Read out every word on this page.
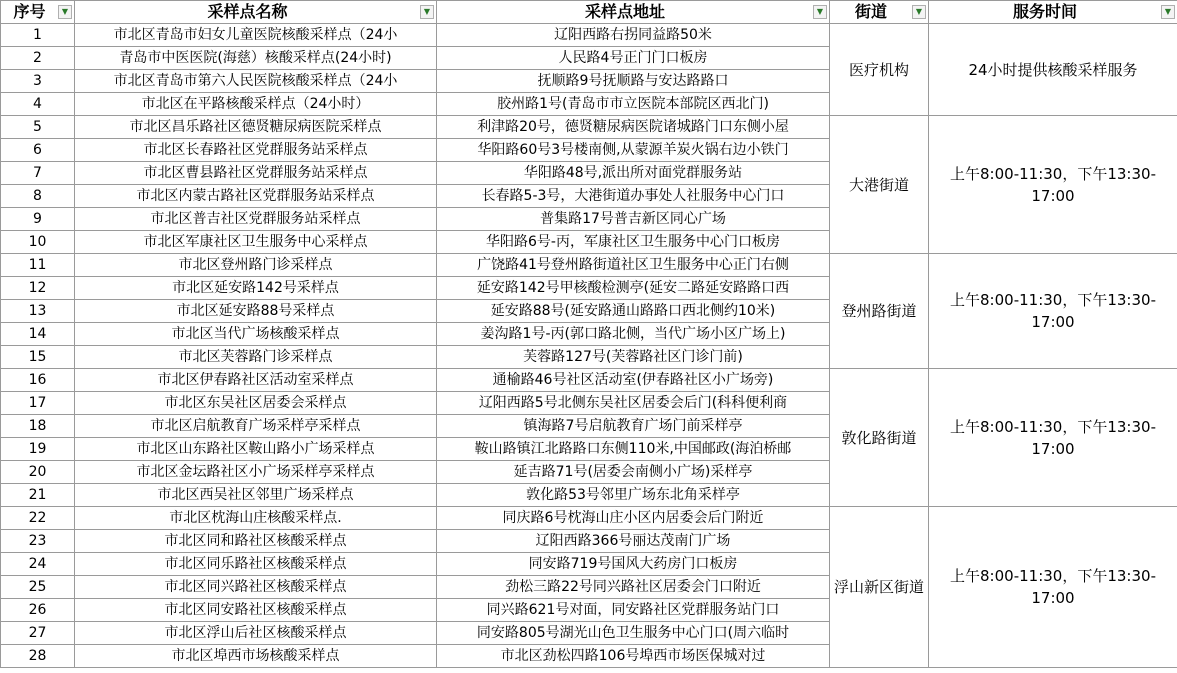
序号 ▼	采样点名称 ▼	采样点地址 ▼	街道 ▼	服务时间 ▼

1	市北区青岛市妇女儿童医院核酸采样点（24小	辽阳西路右拐同益路50米	医疗机构	24小时提供核酸采样服务
2	青岛市中医医院(海慈）核酸采样点(24小时)	人民路4号正门门口板房		
3	市北区青岛市第六人民医院核酸采样点（24小	抚顺路9号抚顺路与安达路路口		
4	市北区在平路核酸采样点（24小时）	胶州路1号(青岛市市立医院本部院区西北门)		
5	市北区昌乐路社区德贤糖尿病医院采样点	利津路20号，德贤糖尿病医院诸城路门口东侧小屋	大港街道	上午8:00-11:30，下午13:30-17:00
6	市北区长春路社区党群服务站采样点	华阳路60号3号楼南侧,从蒙源羊炭火锅右边小铁门		
7	市北区曹县路社区党群服务站采样点	华阳路48号,派出所对面党群服务站		
8	市北区内蒙古路社区党群服务站采样点	长春路5-3号，大港街道办事处人社服务中心门口		
9	市北区普吉社区党群服务站采样点	普集路17号普吉新区同心广场		
10	市北区军康社区卫生服务中心采样点	华阳路6号-丙，军康社区卫生服务中心门口板房		
11	市北区登州路门诊采样点	广饶路41号登州路街道社区卫生服务中心正门右侧	登州路街道	上午8:00-11:30，下午13:30-17:00
12	市北区延安路142号采样点	延安路142号甲核酸检测亭(延安二路延安路路口西		
13	市北区延安路88号采样点	延安路88号(延安路通山路路口西北侧约10米)		
14	市北区当代广场核酸采样点	姜沟路1号-丙(郭口路北侧，当代广场小区广场上)		
15	市北区芙蓉路门诊采样点	芙蓉路127号(芙蓉路社区门诊门前)		
16	市北区伊春路社区活动室采样点	通榆路46号社区活动室(伊春路社区小广场旁)	敦化路街道	上午8:00-11:30，下午13:30-17:00
17	市北区东吴社区居委会采样点	辽阳西路5号北侧东吴社区居委会后门(科科便利商		
18	市北区启航教育广场采样亭采样点	镇海路7号启航教育广场门前采样亭		
19	市北区山东路社区鞍山路小广场采样点	鞍山路镇江北路路口东侧110米,中国邮政(海泊桥邮		
20	市北区金坛路社区小广场采样亭采样点	延吉路71号(居委会南侧小广场)采样亭		
21	市北区西吴社区邻里广场采样点	敦化路53号邻里广场东北角采样亭		
22	市北区枕海山庄核酸采样点.	同庆路6号枕海山庄小区内居委会后门附近	浮山新区街道	上午8:00-11:30，下午13:30-17:00
23	市北区同和路社区核酸采样点	辽阳西路366号丽达茂南门广场		
24	市北区同乐路社区核酸采样点	同安路719号国风大药房门口板房		
25	市北区同兴路社区核酸采样点	劲松三路22号同兴路社区居委会门口附近		
26	市北区同安路社区核酸采样点	同兴路621号对面，同安路社区党群服务站门口		
27	市北区浮山后社区核酸采样点	同安路805号湖光山色卫生服务中心门口(周六临时		
28	市北区埠西市场核酸采样点	市北区劲松四路106号埠西市场医保城对过		
